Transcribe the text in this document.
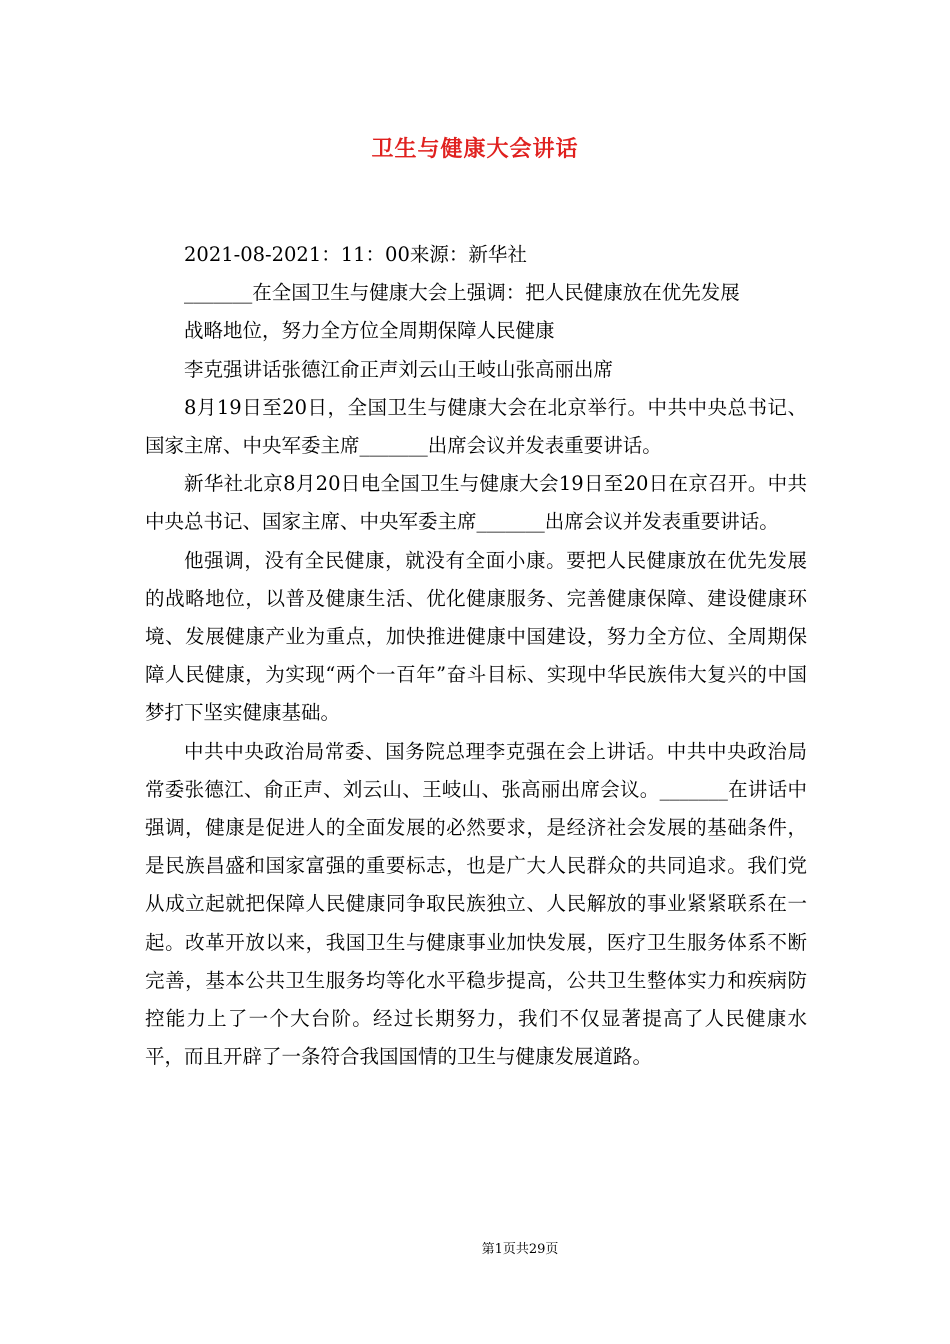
卫生与健康大会讲话

2021-08-2021：11：00来源：新华社

_______在全国卫生与健康大会上强调：把人民健康放在优先发展

战略地位，努力全方位全周期保障人民健康

李克强讲话张德江俞正声刘云山王岐山张高丽出席

8月19日至20日，全国卫生与健康大会在北京举行。中共中央总书记、国家主席、中央军委主席_______出席会议并发表重要讲话。

新华社北京8月20日电全国卫生与健康大会19日至20日在京召开。中共中央总书记、国家主席、中央军委主席_______出席会议并发表重要讲话。

他强调，没有全民健康，就没有全面小康。要把人民健康放在优先发展的战略地位，以普及健康生活、优化健康服务、完善健康保障、建设健康环境、发展健康产业为重点，加快推进健康中国建设，努力全方位、全周期保障人民健康，为实现“两个一百年”奋斗目标、实现中华民族伟大复兴的中国梦打下坚实健康基础。

中共中央政治局常委、国务院总理李克强在会上讲话。中共中央政治局常委张德江、俞正声、刘云山、王岐山、张高丽出席会议。_______在讲话中强调，健康是促进人的全面发展的必然要求，是经济社会发展的基础条件，是民族昌盛和国家富强的重要标志，也是广大人民群众的共同追求。我们党从成立起就把保障人民健康同争取民族独立、人民解放的事业紧紧联系在一起。改革开放以来，我国卫生与健康事业加快发展，医疗卫生服务体系不断完善，基本公共卫生服务均等化水平稳步提高，公共卫生整体实力和疾病防控能力上了一个大台阶。经过长期努力，我们不仅显著提高了人民健康水平，而且开辟了一条符合我国国情的卫生与健康发展道路。

第1页共29页
